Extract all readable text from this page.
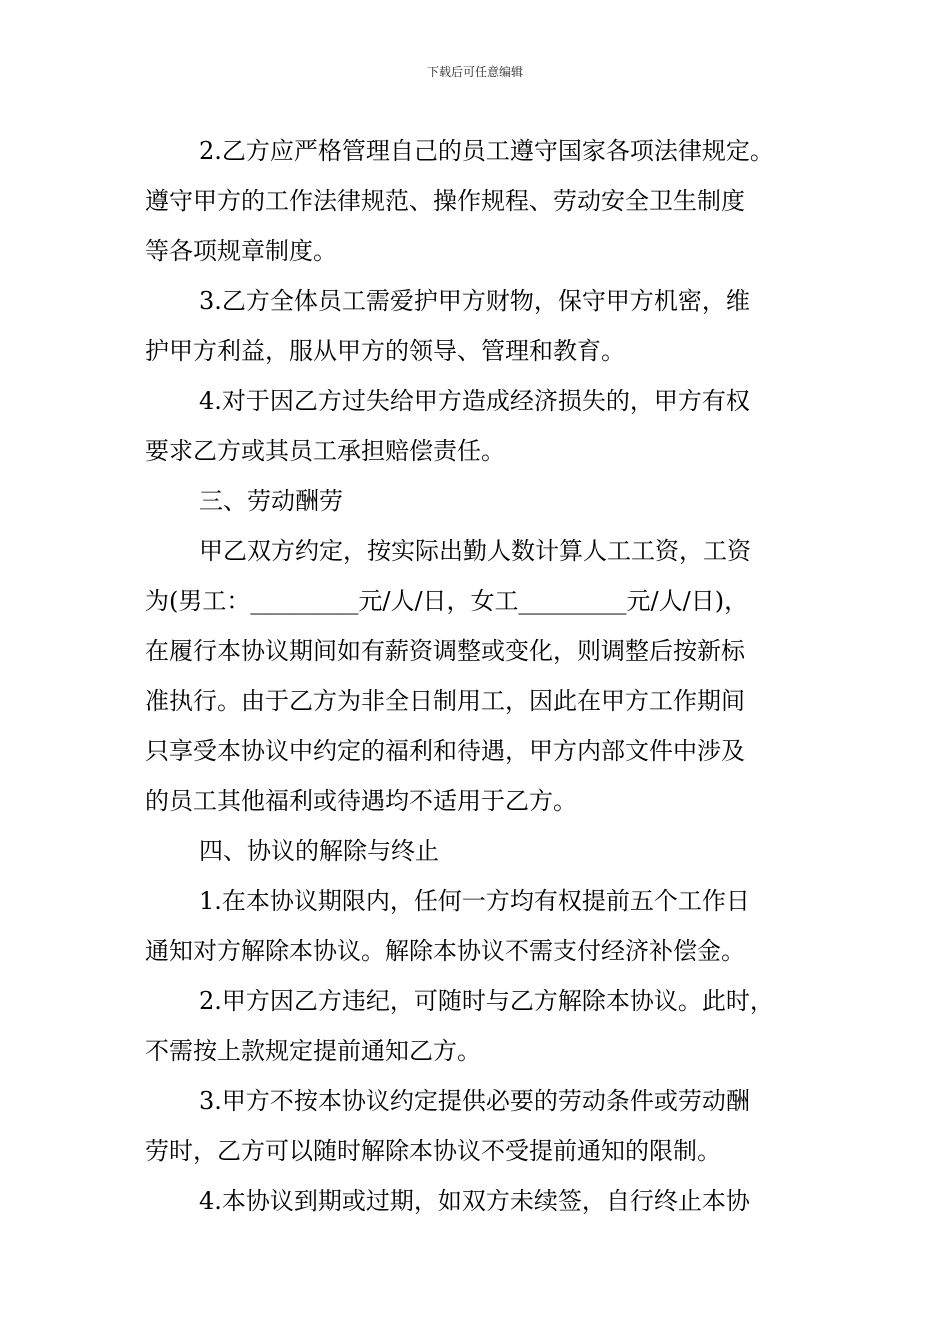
下载后可任意编辑
2.乙方应严格管理自己的员工遵守国家各项法律规定。
遵守甲方的工作法律规范、操作规程、劳动安全卫生制度
等各项规章制度。
3.乙方全体员工需爱护甲方财物，保守甲方机密，维
护甲方利益，服从甲方的领导、管理和教育。
4.对于因乙方过失给甲方造成经济损失的，甲方有权
要求乙方或其员工承担赔偿责任。
三、劳动酬劳
甲乙双方约定，按实际出勤人数计算人工工资，工资
为(男工：_________元/人/日，女工_________元/人/日)，
在履行本协议期间如有薪资调整或变化，则调整后按新标
准执行。由于乙方为非全日制用工，因此在甲方工作期间
只享受本协议中约定的福利和待遇，甲方内部文件中涉及
的员工其他福利或待遇均不适用于乙方。
四、协议的解除与终止
1.在本协议期限内，任何一方均有权提前五个工作日
通知对方解除本协议。解除本协议不需支付经济补偿金。
2.甲方因乙方违纪，可随时与乙方解除本协议。此时，
不需按上款规定提前通知乙方。
3.甲方不按本协议约定提供必要的劳动条件或劳动酬
劳时，乙方可以随时解除本协议不受提前通知的限制。
4.本协议到期或过期，如双方未续签，自行终止本协
